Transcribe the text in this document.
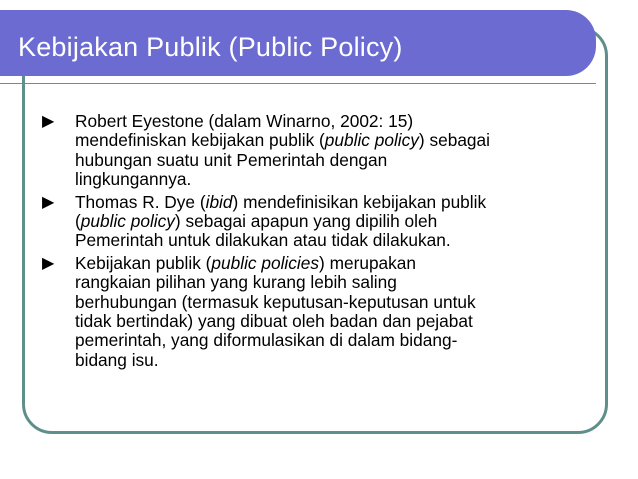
Kebijakan Publik (Public Policy)
▶ Robert Eyestone (dalam Winarno, 2002: 15)
mendefiniskan kebijakan publik (public policy) sebagai
hubungan suatu unit Pemerintah dengan
lingkungannya.
▶ Thomas R. Dye (ibid) mendefinisikan kebijakan publik
(public policy) sebagai apapun yang dipilih oleh
Pemerintah untuk dilakukan atau tidak dilakukan.
▶ Kebijakan publik (public policies) merupakan
rangkaian pilihan yang kurang lebih saling
berhubungan (termasuk keputusan-keputusan untuk
tidak bertindak) yang dibuat oleh badan dan pejabat
pemerintah, yang diformulasikan di dalam bidang-
bidang isu.
